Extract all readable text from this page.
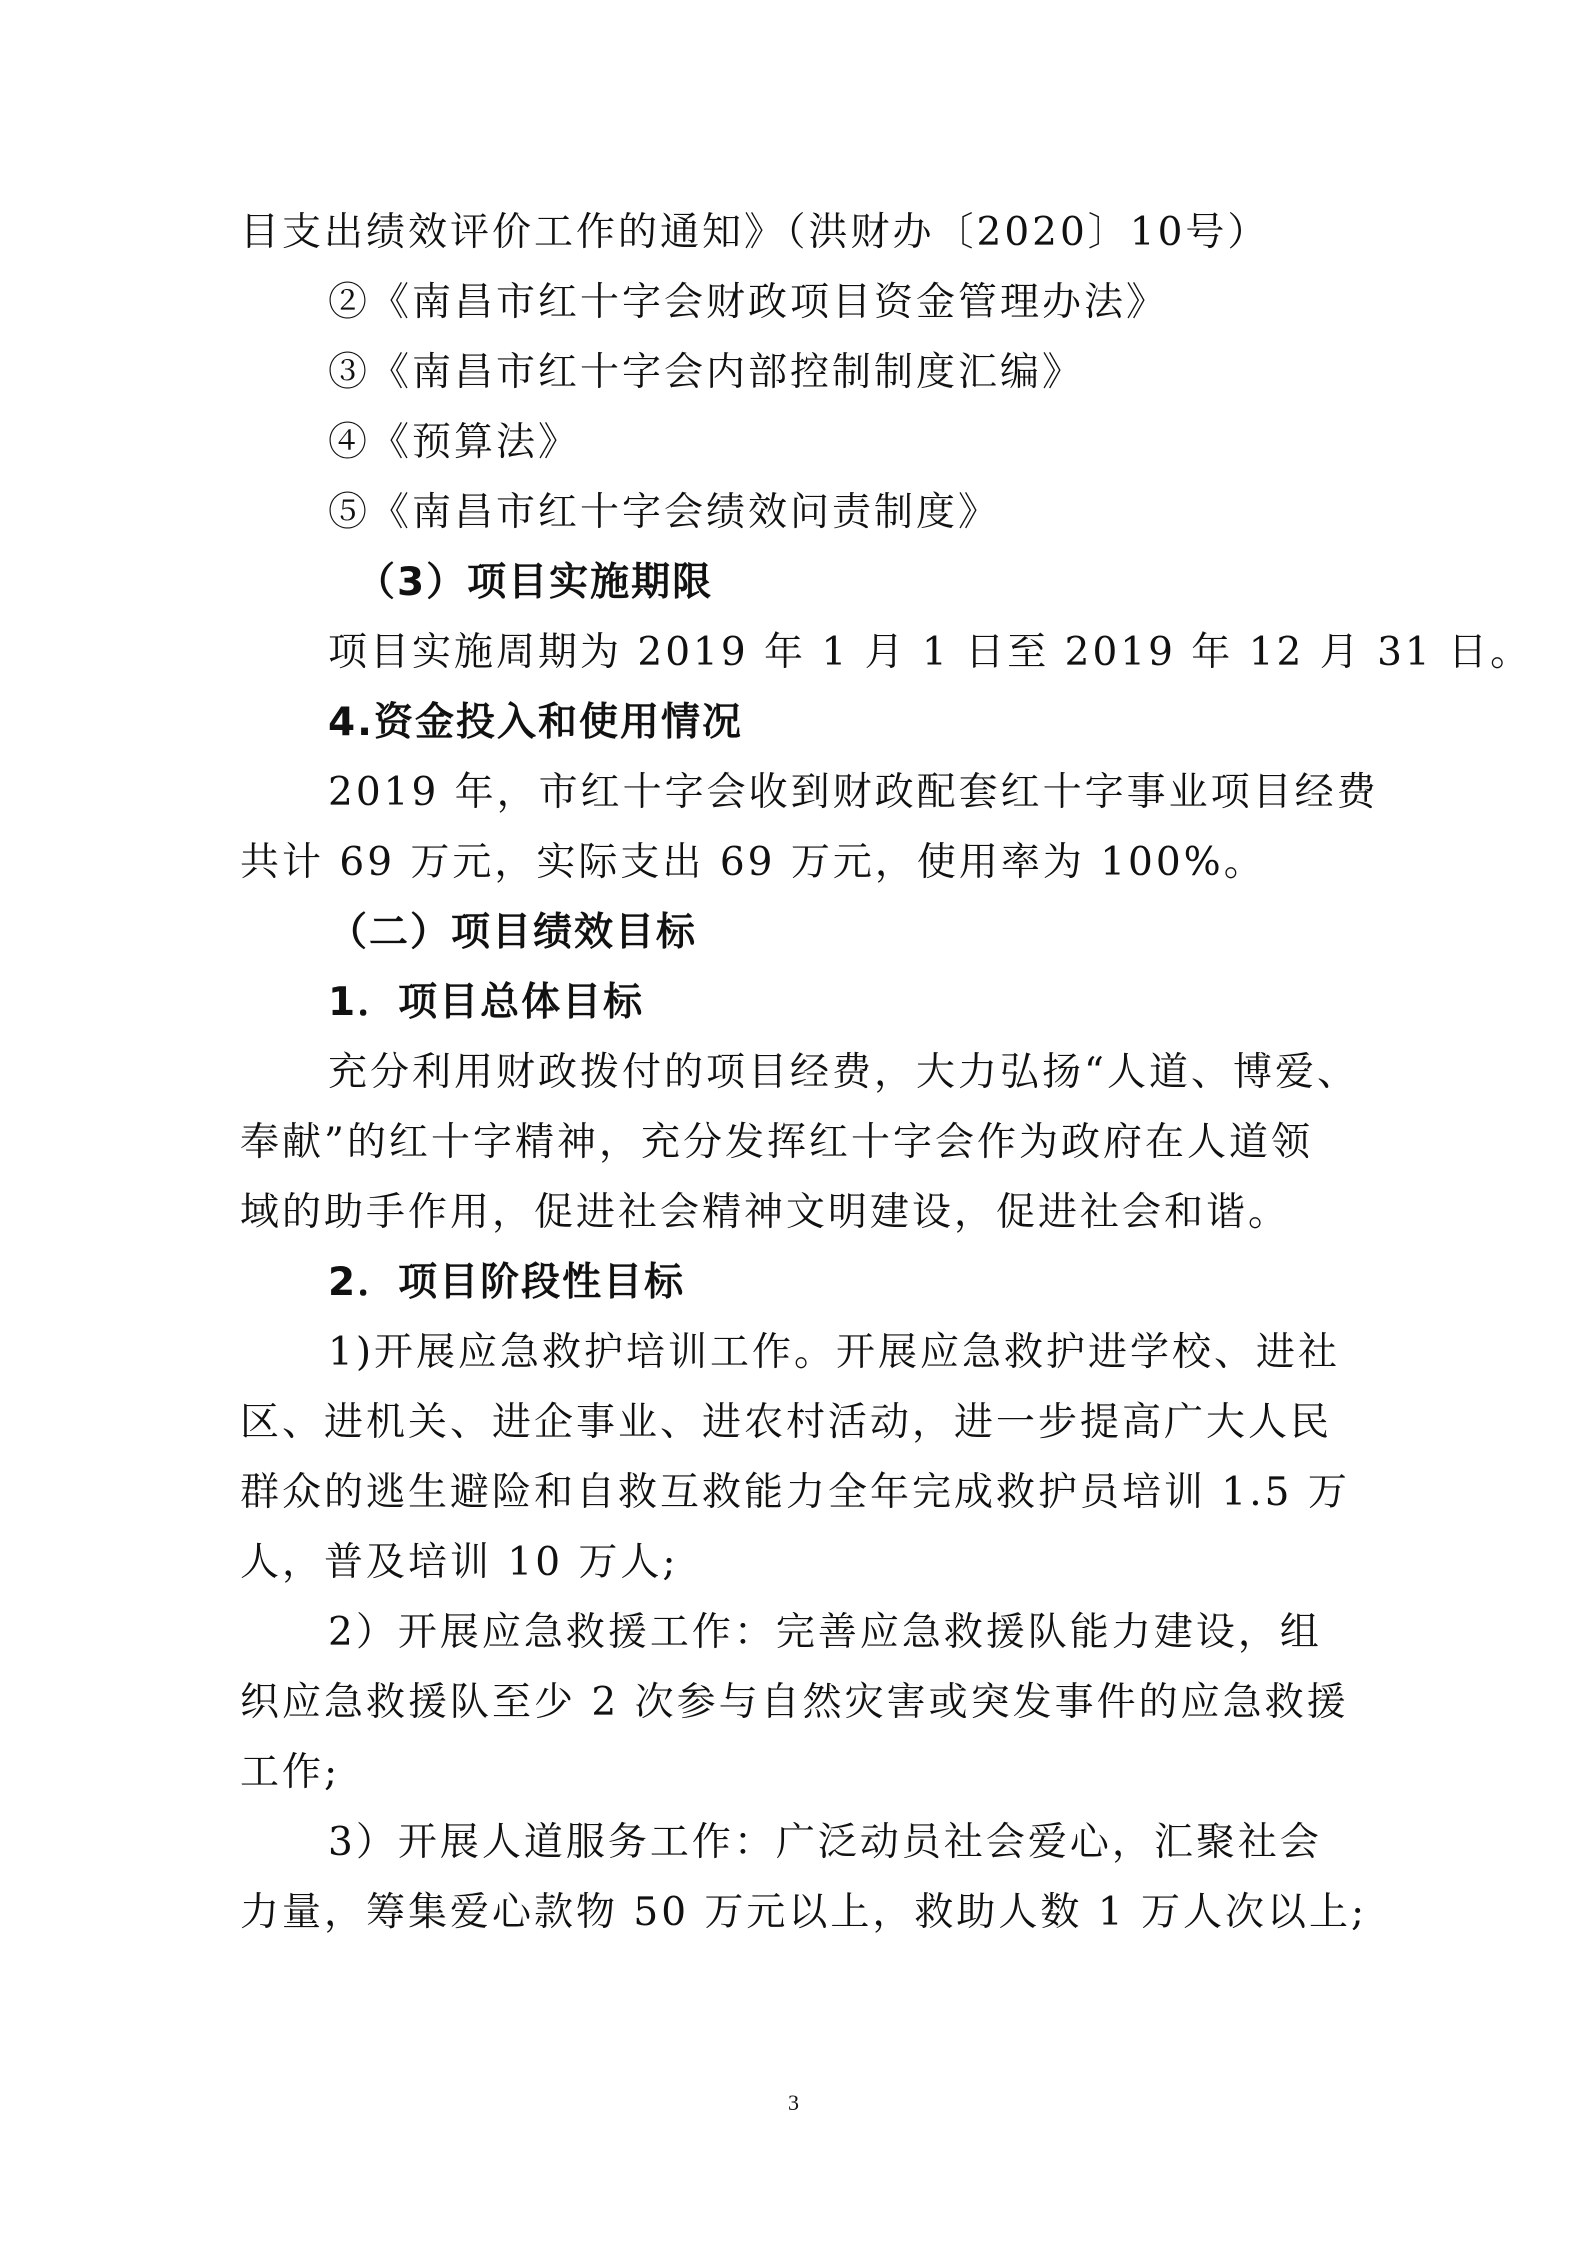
目支出绩效评价工作的通知》（洪财办〔2020〕10号）
②《南昌市红十字会财政项目资金管理办法》
③《南昌市红十字会内部控制制度汇编》
④《预算法》
⑤《南昌市红十字会绩效问责制度》
（3）项目实施期限
项目实施周期为 2019 年 1 月 1 日至 2019 年 12 月 31 日。
4.资金投入和使用情况
2019 年，市红十字会收到财政配套红十字事业项目经费
共计 69 万元，实际支出 69 万元，使用率为 100%。
（二）项目绩效目标
1．项目总体目标
充分利用财政拨付的项目经费，大力弘扬“人道、博爱、
奉献”的红十字精神，充分发挥红十字会作为政府在人道领
域的助手作用，促进社会精神文明建设，促进社会和谐。
2．项目阶段性目标
1)开展应急救护培训工作。开展应急救护进学校、进社
区、进机关、进企事业、进农村活动，进一步提高广大人民
群众的逃生避险和自救互救能力全年完成救护员培训 1.5 万
人，普及培训 10 万人;
2）开展应急救援工作：完善应急救援队能力建设，组
织应急救援队至少 2 次参与自然灾害或突发事件的应急救援
工作;
3）开展人道服务工作：广泛动员社会爱心，汇聚社会
力量，筹集爱心款物 50 万元以上，救助人数 1 万人次以上;
3
